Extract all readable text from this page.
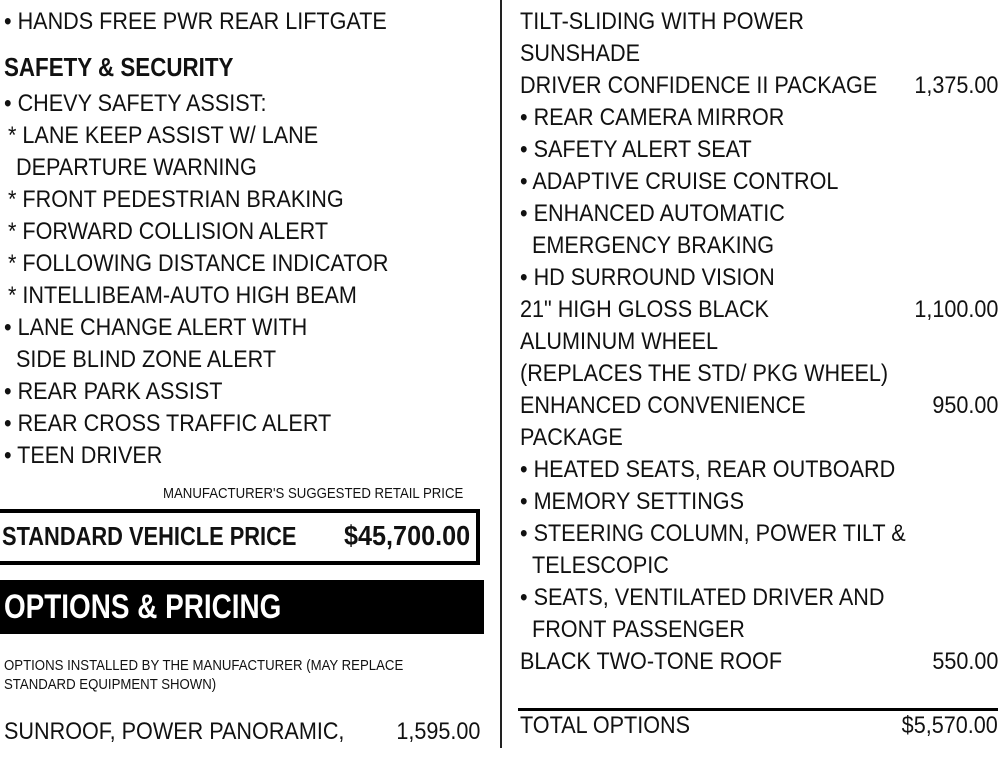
• HANDS FREE PWR REAR LIFTGATE
SAFETY & SECURITY
• CHEVY SAFETY ASSIST:
* LANE KEEP ASSIST W/ LANE
DEPARTURE WARNING
* FRONT PEDESTRIAN BRAKING
* FORWARD COLLISION ALERT
* FOLLOWING DISTANCE INDICATOR
* INTELLIBEAM-AUTO HIGH BEAM
• LANE CHANGE ALERT WITH
SIDE BLIND ZONE ALERT
• REAR PARK ASSIST
• REAR CROSS TRAFFIC ALERT
• TEEN DRIVER
MANUFACTURER'S SUGGESTED RETAIL PRICE
STANDARD VEHICLE PRICE $45,700.00
OPTIONS & PRICING
OPTIONS INSTALLED BY THE MANUFACTURER (MAY REPLACE
STANDARD EQUIPMENT SHOWN)
SUNROOF, POWER PANORAMIC, 1,595.00
TILT-SLIDING WITH POWER
SUNSHADE
DRIVER CONFIDENCE II PACKAGE 1,375.00
• REAR CAMERA MIRROR
• SAFETY ALERT SEAT
• ADAPTIVE CRUISE CONTROL
• ENHANCED AUTOMATIC
EMERGENCY BRAKING
• HD SURROUND VISION
21" HIGH GLOSS BLACK	1,100.00
ALUMINUM WHEEL
(REPLACES THE STD/ PKG WHEEL)
ENHANCED CONVENIENCE	950.00
PACKAGE
• HEATED SEATS, REAR OUTBOARD
• MEMORY SETTINGS
• STEERING COLUMN, POWER TILT &
TELESCOPIC
• SEATS, VENTILATED DRIVER AND
FRONT PASSENGER
BLACK TWO-TONE ROOF	550.00
TOTAL OPTIONS	$5,570.00
